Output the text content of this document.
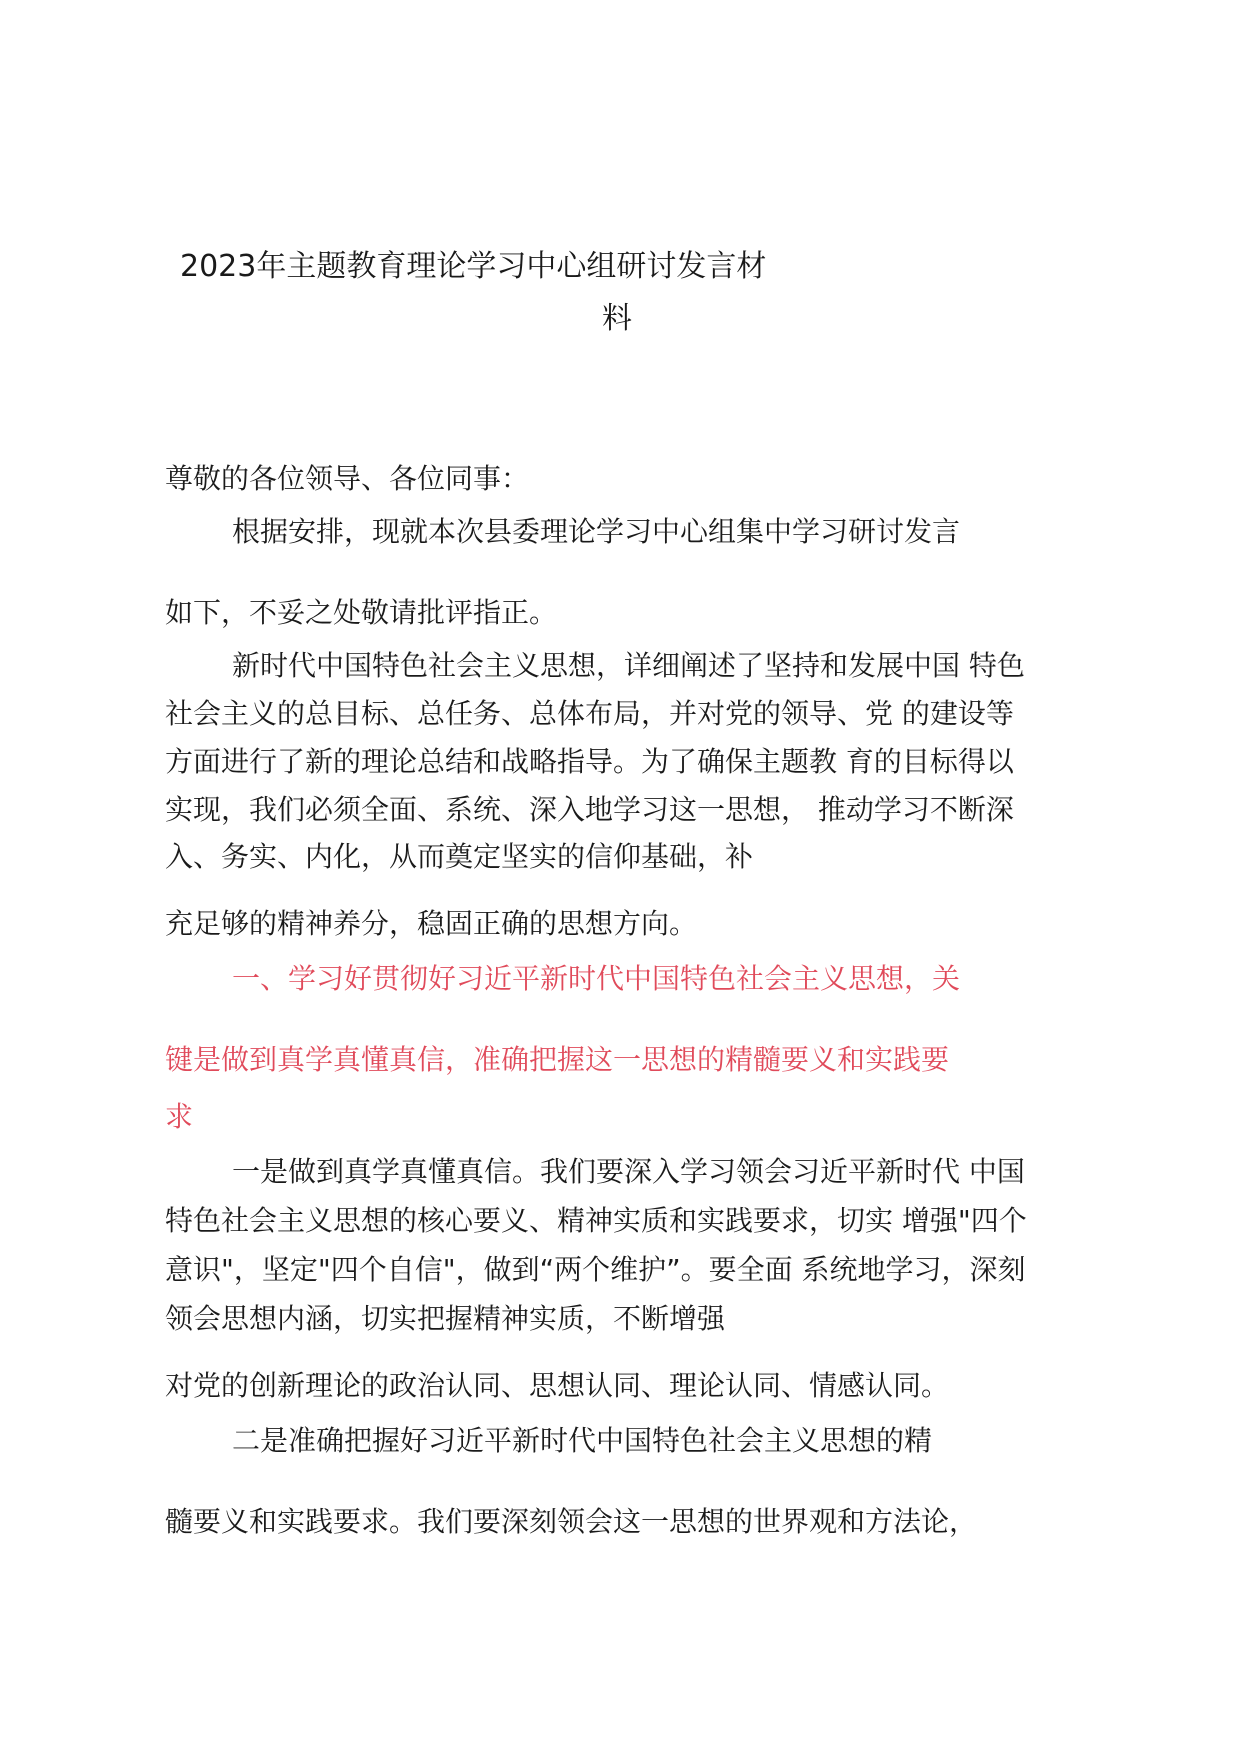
2023年主题教育理论学习中心组研讨发言材
料
尊敬的各位领导、各位同事：
根据安排，现就本次县委理论学习中心组集中学习研讨发言
如下，不妥之处敬请批评指正。
新时代中国特色社会主义思想，详细阐述了坚持和发展中国 特色
社会主义的总目标、总任务、总体布局，并对党的领导、党 的建设等
方面进行了新的理论总结和战略指导。为了确保主题教 育的目标得以
实现，我们必须全面、系统、深入地学习这一思想， 推动学习不断深
入、务实、内化，从而奠定坚实的信仰基础，补
充足够的精神养分，稳固正确的思想方向。
一、学习好贯彻好习近平新时代中国特色社会主义思想，关
键是做到真学真懂真信，准确把握这一思想的精髓要义和实践要
求
一是做到真学真懂真信。我们要深入学习领会习近平新时代 中国
特色社会主义思想的核心要义、精神实质和实践要求，切实 增强"四个
意识"，坚定"四个自信"，做到“两个维护”。要全面 系统地学习，深刻
领会思想内涵，切实把握精神实质，不断增强
对党的创新理论的政治认同、思想认同、理论认同、情感认同。
二是准确把握好习近平新时代中国特色社会主义思想的精
髓要义和实践要求。我们要深刻领会这一思想的世界观和方法论，
